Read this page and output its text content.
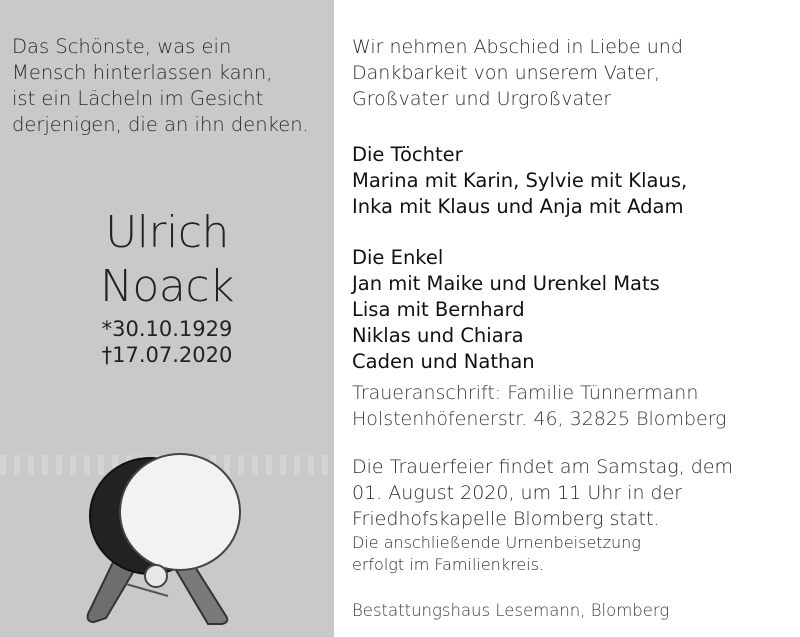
Das Schönste, was ein
Mensch hinterlassen kann,
ist ein Lächeln im Gesicht
derjenigen, die an ihn denken.
Ulrich
Noack
*30.10.1929
†17.07.2020
Wir nehmen Abschied in Liebe und
Dankbarkeit von unserem Vater,
Großvater und Urgroßvater
Die Töchter
Marina mit Karin, Sylvie mit Klaus,
Inka mit Klaus und Anja mit Adam
Die Enkel
Jan mit Maike und Urenkel Mats
Lisa mit Bernhard
Niklas und Chiara
Caden und Nathan
Traueranschrift: Familie Tünnermann
Holstenhöfenerstr. 46, 32825 Blomberg
Die Trauerfeier findet am Samstag, dem
01. August 2020, um 11 Uhr in der
Friedhofskapelle Blomberg statt.
Die anschließende Urnenbeisetzung
erfolgt im Familienkreis.
Bestattungshaus Lesemann, Blomberg
